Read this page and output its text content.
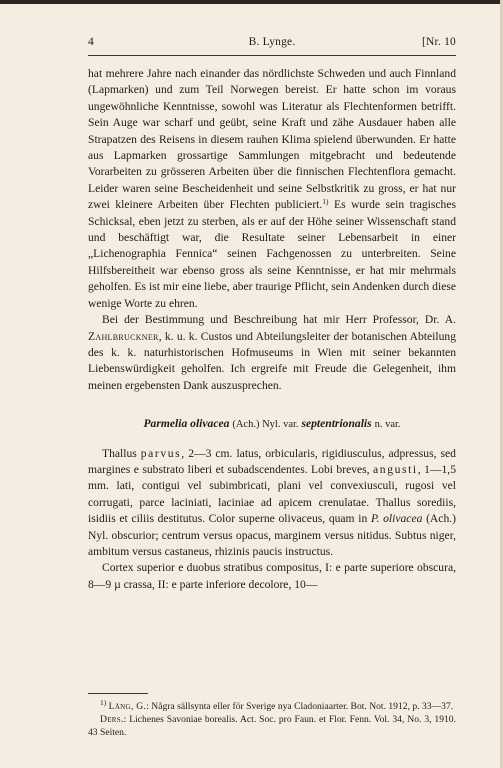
4	B. Lynge.	[Nr. 10

hat mehrere Jahre nach einander das nördlichste Schweden und auch Finnland (Lapmarken) und zum Teil Norwegen bereist. Er hatte schon im voraus ungewöhnliche Kenntnisse, sowohl was Literatur als Flechtenformen betrifft. Sein Auge war scharf und geübt, seine Kraft und zähe Ausdauer haben alle Strapatzen des Reisens in diesem rauhen Klima spielend überwunden. Er hatte aus Lapmarken grossartige Sammlungen mitgebracht und bedeutende Vorarbeiten zu grösseren Arbeiten über die finnischen Flechtenflora gemacht. Leider waren seine Bescheidenheit und seine Selbstkritik zu gross, er hat nur zwei kleinere Arbeiten über Flechten publiciert.$^{1)}$ Es wurde sein tragisches Schicksal, eben jetzt zu sterben, als er auf der Höhe seiner Wissenschaft stand und beschäftigt war, die Resultate seiner Lebensarbeit in einer „Lichenographia Fennica“ seinen Fachgenossen zu unterbreiten. Seine Hilfsbereitheit war ebenso gross als seine Kenntnisse, er hat mir mehrmals geholfen. Es ist mir eine liebe, aber traurige Pflicht, sein Andenken durch diese wenige Worte zu ehren.

Bei der Bestimmung und Beschreibung hat mir Herr Professor, Dr. A. Zahlbruckner, k. u. k. Custos und Abteilungsleiter der botanischen Abteilung des k. k. naturhistorischen Hofmuseums in Wien mit seiner bekannten Liebenswürdigkeit geholfen. Ich ergreife mit Freude die Gelegenheit, ihm meinen ergebensten Dank auszusprechen.

Parmelia olivacea (Ach.) Nyl. var. septentrionalis n. var.

Thallus parvus, 2—3 cm. latus, orbicularis, rigidiusculus, adpressus, sed margines e substrato liberi et subadscendentes. Lobi breves, angusti, 1—1,5 mm. lati, contigui vel subimbricati, plani vel convexiusculi, rugosi vel corrugati, parce laciniati, laciniae ad apicem crenulatae. Thallus sorediis, isidiis et ciliis destitutus. Color superne olivaceus, quam in P. olivacea (Ach.) Nyl. obscurior; centrum versus opacus, marginem versus nitidus. Subtus niger, ambitum versus castaneus, rhizinis paucis instructus.

Cortex superior e duobus stratibus compositus, I: e parte superiore obscura, 8—9 µ crassa, II: e parte inferiore decolore, 10—

$^{1)}$ Lång, G.: Några sällsynta eller för Sverige nya Cladoniaarter. Bot. Not. 1912, p. 33—37.

Ders.: Lichenes Savoniae borealis. Act. Soc. pro Faun. et Flor. Fenn. Vol. 34, No. 3, 1910. 43 Seiten.
